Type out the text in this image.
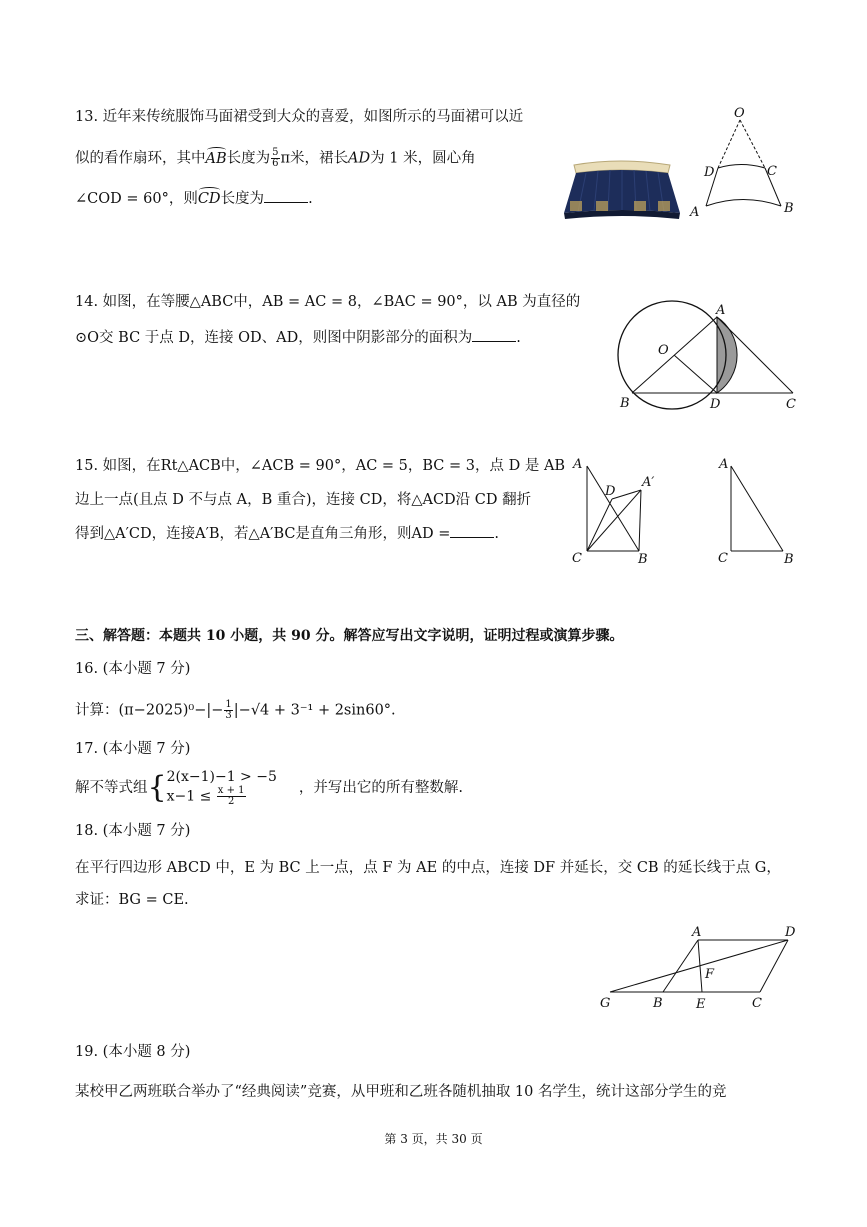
13. 近年来传统服饰马面裙受到大众的喜爱，如图所示的马面裙可以近
似的看作扇环，其中AB长度为 $\frac{5}{6}$ π米，裙长AD为 1 米，圆心角
∠COD = 60°，则CD长度为	.
O
D	C
A	B
14. 如图，在等腰△ABC中，AB = AC = 8，∠BAC = 90°，以 AB 为直径的
⊙O交 BC 于点 D，连接 OD、AD，则图中阴影部分的面积为	.
A
O
B	D	C
15. 如图，在Rt△ACB中，∠ACB = 90°，AC = 5，BC = 3，点 D 是 AB
边上一点(且点 D 不与点 A，B 重合)，连接 CD，将△ACD沿 CD 翻折
得到△A′CD，连接A′B，若△A′BC是直角三角形，则AD =	.
A
D
A′
C	B
A
C	B
三、解答题：本题共 10 小题，共 90 分。解答应写出文字说明，证明过程或演算步骤。
16. (本小题 7 分)
计算：$(\pi-2025)^0-|- \frac{1}{3} |-√4 + 3^{-1} + 2\sin 60^\circ$.
17. (本小题 7 分)
解不等式组{ 2(x−1)−1 > −5
$x-1 \le \frac{x + 1}{2}$	，并写出它的所有整数解.
18. (本小题 7 分)
在平行四边形 ABCD 中，E 为 BC 上一点，点 F 为 AE 的中点，连接 DF 并延长，交 CB 的延长线于点 G，
求证：BG = CE.
A	D
F
G	B	E	C
19. (本小题 8 分)
某校甲乙两班联合举办了“经典阅读”竞赛，从甲班和乙班各随机抽取 10 名学生，统计这部分学生的竞
第 3 页，共 30 页
